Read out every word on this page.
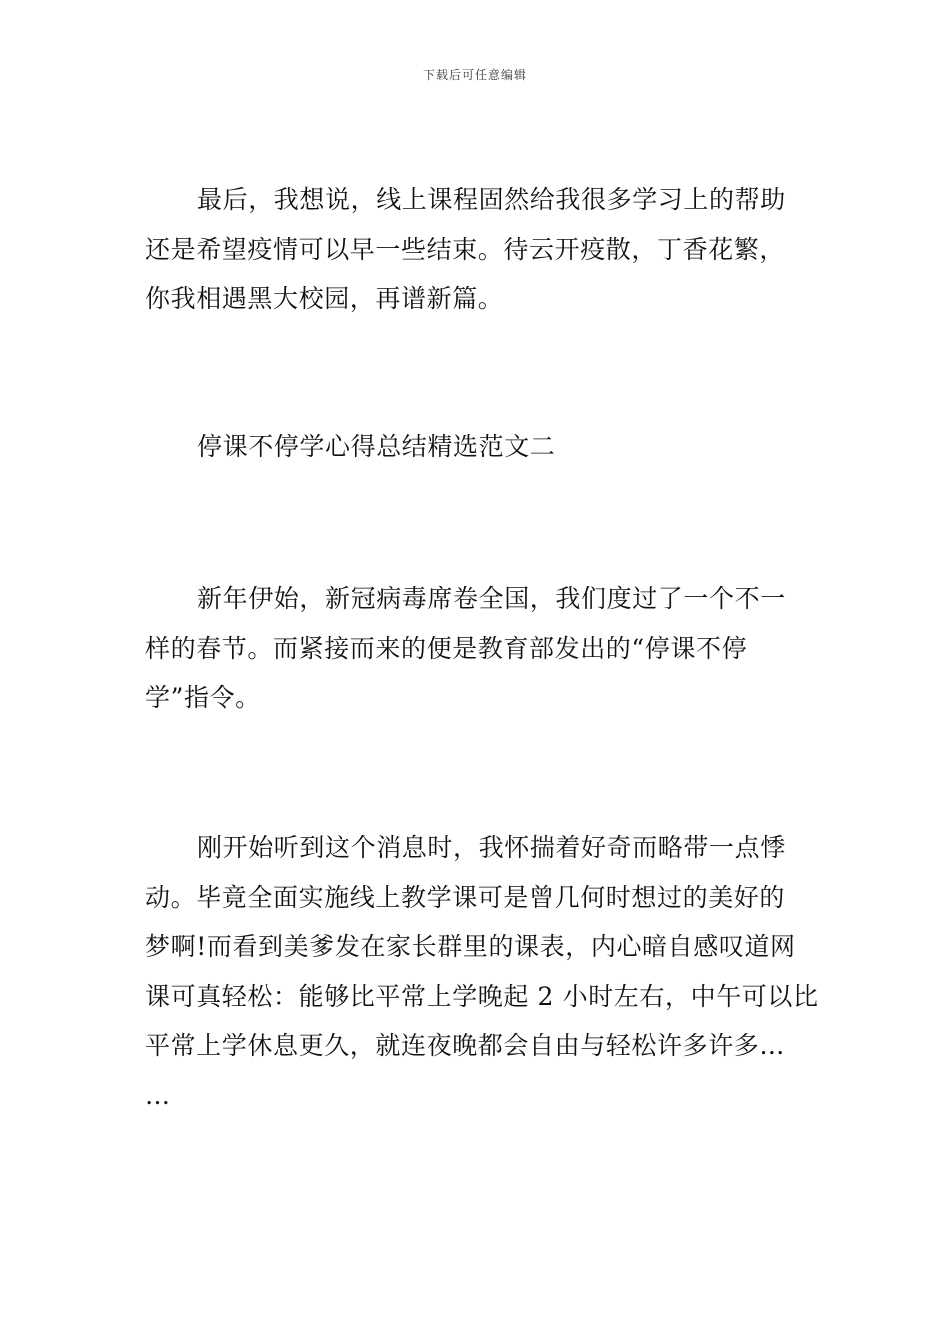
下载后可任意编辑
最后，我想说，线上课程固然给我很多学习上的帮助
还是希望疫情可以早一些结束。待云开疫散，丁香花繁，
你我相遇黑大校园，再谱新篇。
停课不停学心得总结精选范文二
新年伊始，新冠病毒席卷全国，我们度过了一个不一
样的春节。而紧接而来的便是教育部发出的“停课不停
学”指令。
刚开始听到这个消息时，我怀揣着好奇而略带一点悸
动。毕竟全面实施线上教学课可是曾几何时想过的美好的
梦啊!而看到美爹发在家长群里的课表，内心暗自感叹道网
课可真轻松：能够比平常上学晚起 2 小时左右，中午可以比
平常上学休息更久，就连夜晚都会自由与轻松许多许多…
…
